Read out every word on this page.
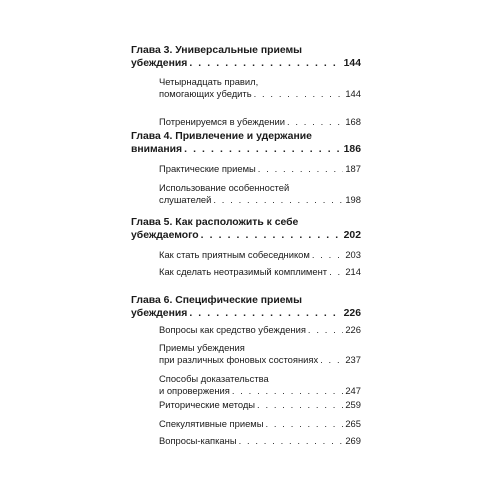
Глава 3. Универсальные приемы
убеждения . . .	144
Четырнадцать правил,
помогающих убедить . . .	144
Потренируемся в убеждении . . .	168
Глава 4. Привлечение и удержание
внимания . . .	186
Практические приемы . . .	187
Использование особенностей
слушателей . . .	198
Глава 5. Как расположить к себе
убеждаемого . . .	202
Как стать приятным собеседником . . .	203
Как сделать неотразимый комплимент . . . 214
Глава 6. Специфические приемы
убеждения . . .	226
Вопросы как средство убеждения . . .	226
Приемы убеждения
при различных фоновых состояниях . . .	237
Способы доказательства
и опровержения . . .	247
Риторические методы . . .	259
Спекулятивные приемы . . .	265
Вопросы-капканы . . .	269
